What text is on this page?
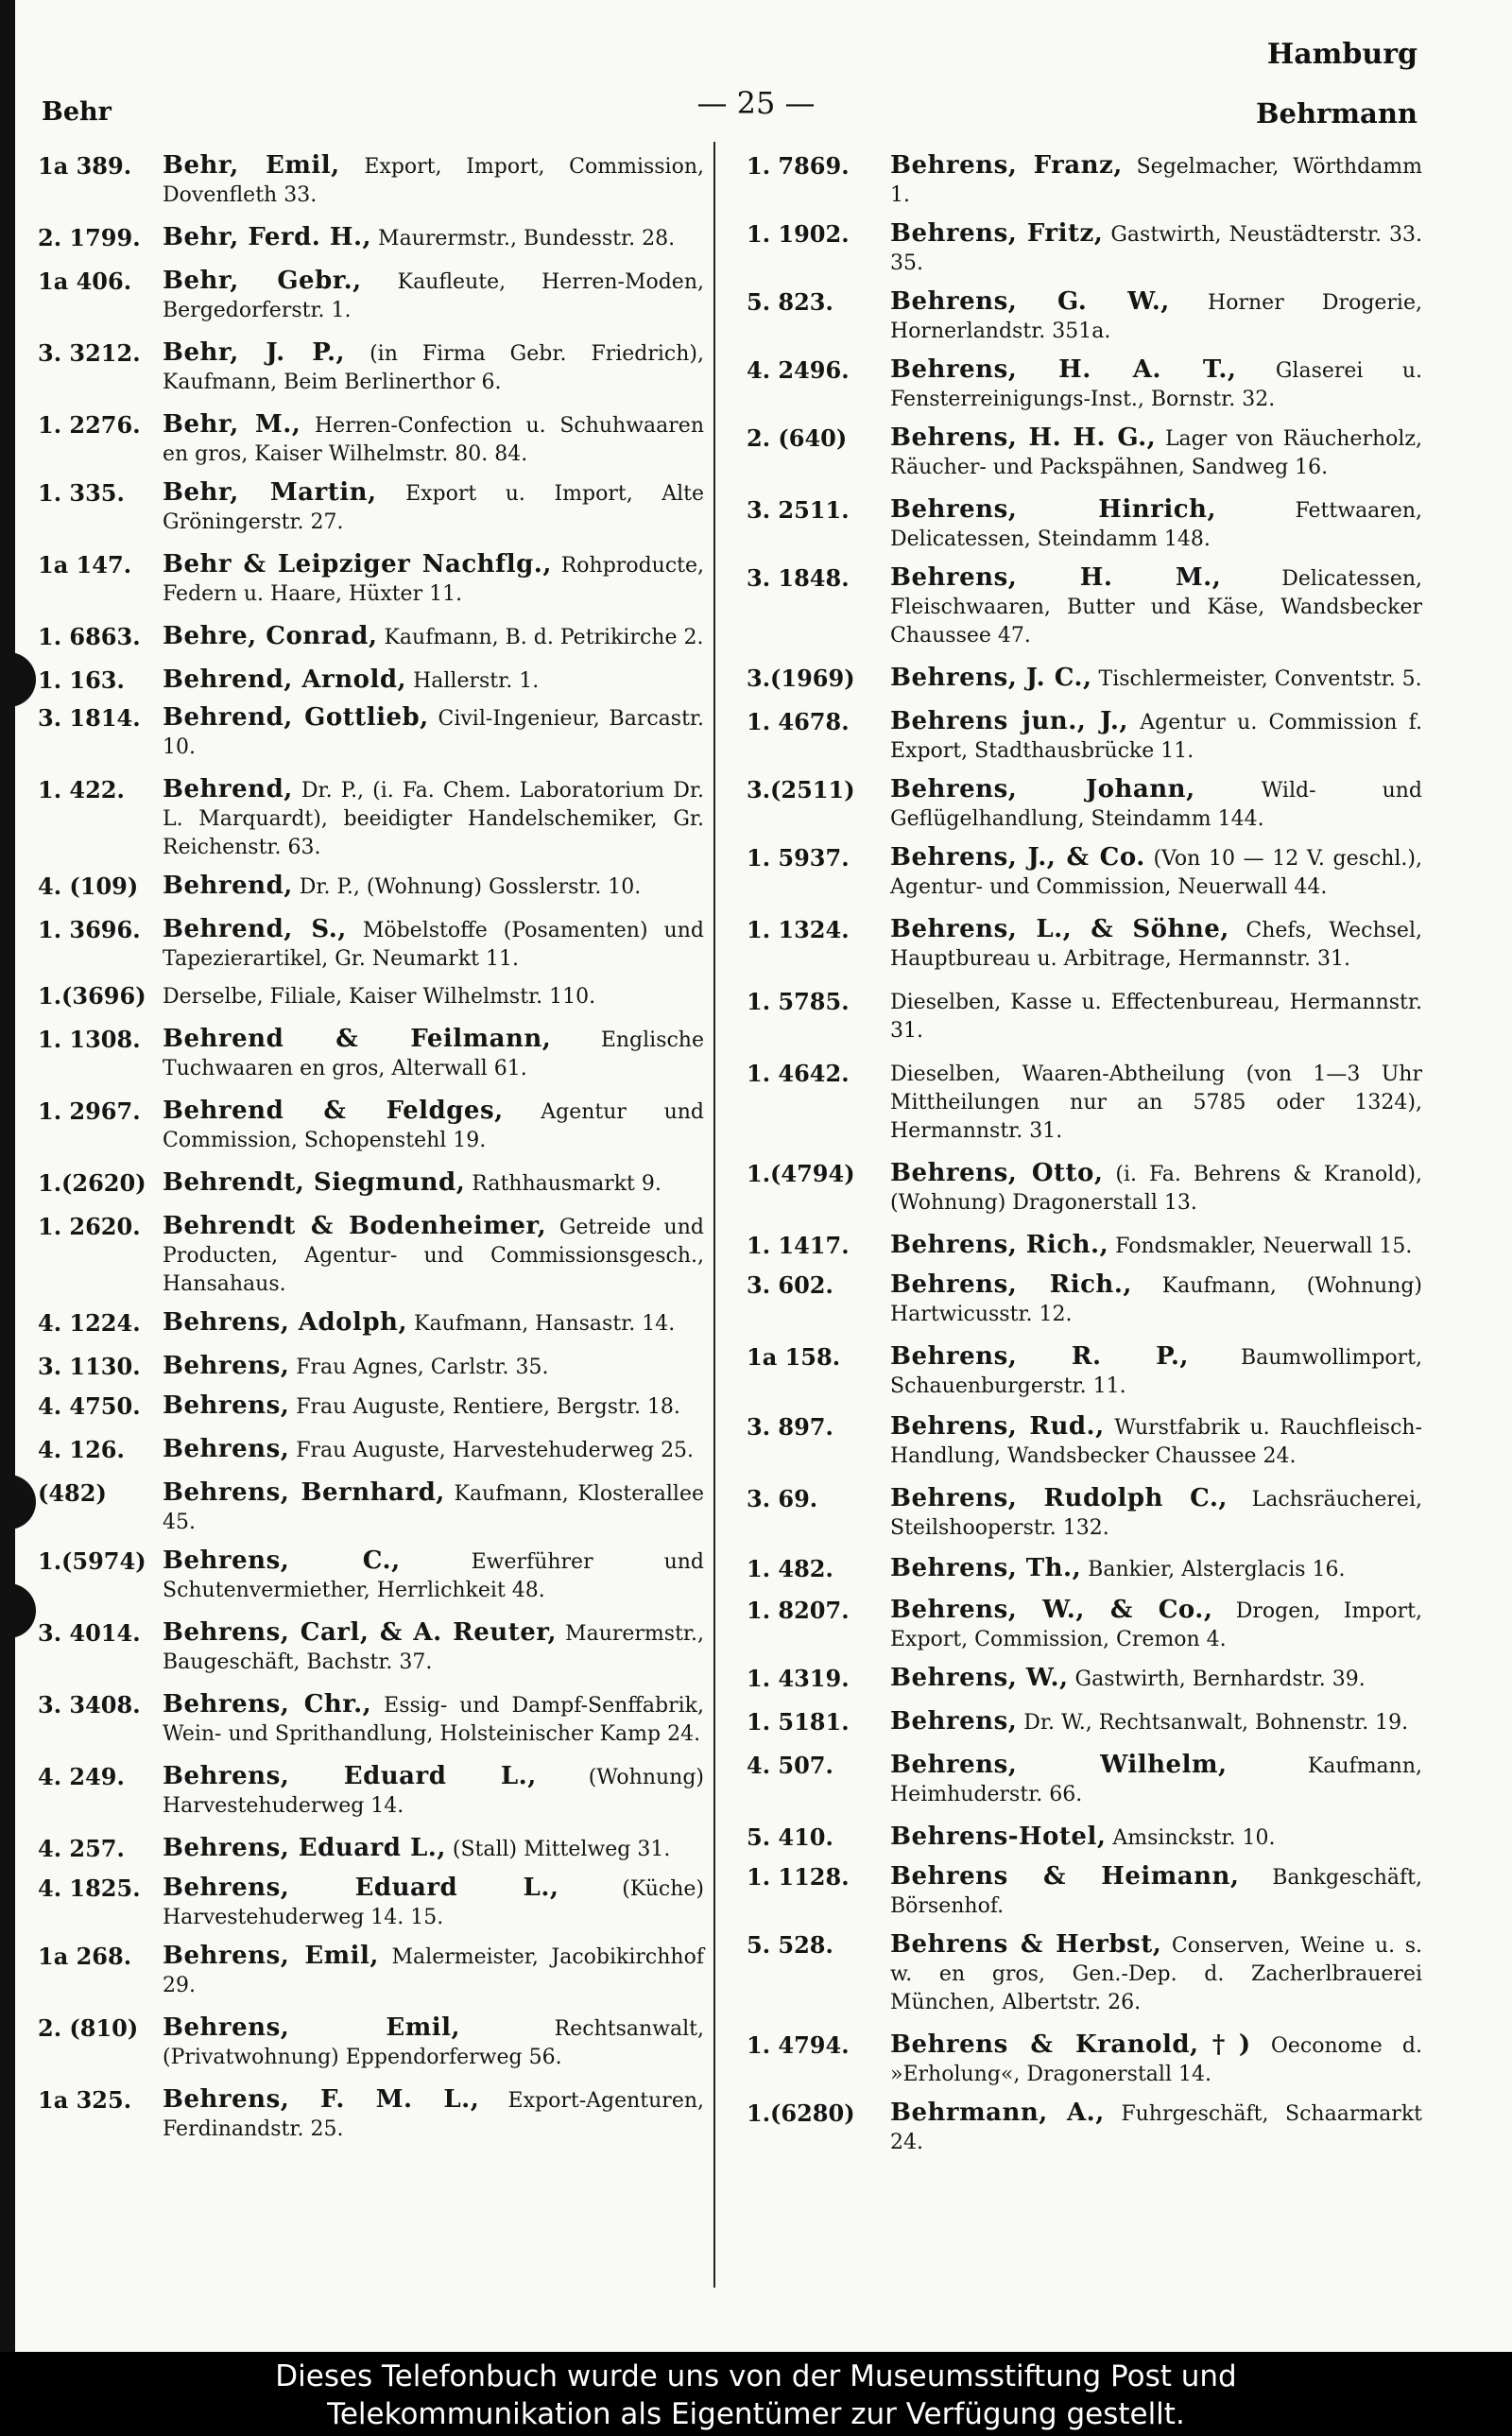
Hamburg
— 25 —
Behr	Behrmann
1a 389.	Behr, Emil, Export, Import, Commission, Dovenfleth 33.
2. 1799. Behr, Ferd. H., Maurermstr., Bundesstr. 28.
1a 406.	Behr, Gebr., Kaufleute, Herren-Moden, Bergedorferstr. 1.
3. 3212. Behr, J. P., (in Firma Gebr. Friedrich), Kaufmann, Beim Berlinerthor 6.
1. 2276. Behr, M., Herren-Confection u. Schuhwaaren en gros, Kaiser Wilhelmstr. 80. 84.
1. 335.	Behr, Martin, Export u. Import, Alte Gröningerstr. 27.
1a 147.	Behr & Leipziger Nachflg., Rohproducte, Federn u. Haare, Hüxter 11.
1. 6863. Behre, Conrad, Kaufmann, B. d. Petrikirche 2.
1. 163.	Behrend, Arnold, Hallerstr. 1.
3. 1814. Behrend, Gottlieb, Civil-Ingenieur, Barcastr. 10.
1. 422.	Behrend, Dr. P., (i. Fa. Chem. Laboratorium Dr. L. Marquardt), beeidigter Handelschemiker, Gr. Reichenstr. 63.
4. (109) Behrend, Dr. P., (Wohnung) Gosslerstr. 10.
1. 3696. Behrend, S., Möbelstoffe (Posamenten) und Tapezierartikel, Gr. Neumarkt 11.
1.(3696) Derselbe, Filiale, Kaiser Wilhelmstr. 110.
1. 1308. Behrend & Feilmann, Englische Tuchwaaren en gros, Alterwall 61.
1. 2967. Behrend & Feldges, Agentur und Commission, Schopenstehl 19.
1.(2620) Behrendt, Siegmund, Rathhausmarkt 9.
1. 2620. Behrendt & Bodenheimer, Getreide und Producten, Agentur- und Commissionsgesch., Hansahaus.
4. 1224. Behrens, Adolph, Kaufmann, Hansastr. 14.
3. 1130. Behrens, Frau Agnes, Carlstr. 35.
4. 4750. Behrens, Frau Auguste, Rentiere, Bergstr. 18.
4. 126.	Behrens, Frau Auguste, Harvestehuderweg 25.
(482)	Behrens, Bernhard, Kaufmann, Klosterallee 45.
1.(5974) Behrens, C., Ewerführer und Schutenvermiether, Herrlichkeit 48.
3. 4014. Behrens, Carl, & A. Reuter, Maurermstr., Baugeschäft, Bachstr. 37.
3. 3408. Behrens, Chr., Essig- und Dampf-Senffabrik, Wein- und Sprithandlung, Holsteinischer Kamp 24.
4. 249.	Behrens, Eduard L., (Wohnung) Harvestehuderweg 14.
4. 257.	Behrens, Eduard L., (Stall) Mittelweg 31.
4. 1825. Behrens, Eduard L., (Küche) Harvestehuderweg 14. 15.
1a 268.	Behrens, Emil, Malermeister, Jacobikirchhof 29.
2. (810) Behrens, Emil, Rechtsanwalt, (Privatwohnung) Eppendorferweg 56.
1a 325.	Behrens, F. M. L., Export-Agenturen, Ferdinandstr. 25.
1. 7869.	Behrens, Franz, Segelmacher, Wörthdamm 1.
1. 1902.	Behrens, Fritz, Gastwirth, Neustädterstr. 33. 35.
5. 823.	Behrens, G. W., Horner Drogerie, Hornerlandstr. 351a.
4. 2496.	Behrens, H. A. T., Glaserei u. Fensterreinigungs-Inst., Bornstr. 32.
2. (640)	Behrens, H. H. G., Lager von Räucherholz, Räucher- und Packspähnen, Sandweg 16.
3. 2511.	Behrens, Hinrich, Fettwaaren, Delicatessen, Steindamm 148.
3. 1848.	Behrens, H. M., Delicatessen, Fleischwaaren, Butter und Käse, Wandsbecker Chaussee 47.
3.(1969)	Behrens, J. C., Tischlermeister, Conventstr. 5.
1. 4678.	Behrens jun., J., Agentur u. Commission f. Export, Stadthausbrücke 11.
3.(2511)	Behrens, Johann, Wild- und Geflügelhandlung, Steindamm 144.
1. 5937.	Behrens, J., & Co. (Von 10 — 12 V. geschl.), Agentur- und Commission, Neuerwall 44.
1. 1324.	Behrens, L., & Söhne, Chefs, Wechsel, Hauptbureau u. Arbitrage, Hermannstr. 31.
1. 5785.	Dieselben, Kasse u. Effectenbureau, Hermannstr. 31.
1. 4642.	Dieselben, Waaren-Abtheilung (von 1—3 Uhr Mittheilungen nur an 5785 oder 1324), Hermannstr. 31.
1.(4794)	Behrens, Otto, (i. Fa. Behrens & Kranold), (Wohnung) Dragonerstall 13.
1. 1417.	Behrens, Rich., Fondsmakler, Neuerwall 15.
3. 602.	Behrens, Rich., Kaufmann, (Wohnung) Hartwicusstr. 12.
1a 158.	Behrens, R. P., Baumwollimport, Schauenburgerstr. 11.
3. 897.	Behrens, Rud., Wurstfabrik u. Rauchfleisch-Handlung, Wandsbecker Chaussee 24.
3. 69.	Behrens, Rudolph C., Lachsräucherei, Steilshooperstr. 132.
1. 482.	Behrens, Th., Bankier, Alsterglacis 16.
1. 8207.	Behrens, W., & Co., Drogen, Import, Export, Commission, Cremon 4.
1. 4319.	Behrens, W., Gastwirth, Bernhardstr. 39.
1. 5181.	Behrens, Dr. W., Rechtsanwalt, Bohnenstr. 19.
4. 507.	Behrens, Wilhelm, Kaufmann, Heimhuderstr. 66.
5. 410.	Behrens-Hotel, Amsinckstr. 10.
1. 1128.	Behrens & Heimann, Bankgeschäft, Börsenhof.
5. 528.	Behrens & Herbst, Conserven, Weine u. s. w. en gros, Gen.-Dep. d. Zacherlbrauerei München, Albertstr. 26.
1. 4794.	Behrens & Kranold,†) Oeconome d. »Erholung«, Dragonerstall 14.
1.(6280)	Behrmann, A., Fuhrgeschäft, Schaarmarkt 24.
Dieses Telefonbuch wurde uns von der Museumsstiftung Post und
Telekommunikation als Eigentümer zur Verfügung gestellt.
